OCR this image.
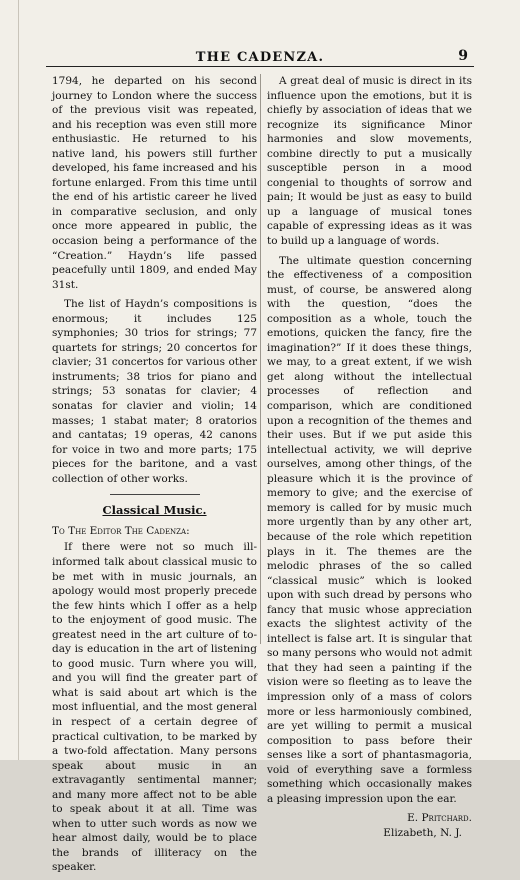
THE CADENZA.	9

1794, he departed on his second journey to London where the success of the previous visit was repeated, and his reception was even still more enthusiastic. He returned to his native land, his powers still further developed, his fame increased and his fortune enlarged. From this time until the end of his artistic career he lived in comparative seclusion, and only once more appeared in public, the occasion being a performance of the “Creation.” Haydn’s life passed peacefully until 1809, and ended May 31st.

The list of Haydn’s compositions is enormous; it includes 125 symphonies; 30 trios for strings; 77 quartets for strings; 20 concertos for clavier; 31 concertos for various other instruments; 38 trios for piano and strings; 53 sonatas for clavier; 4 sonatas for clavier and violin; 14 masses; 1 stabat mater; 8 oratorios and cantatas; 19 operas, 42 canons for voice in two and more parts; 175 pieces for the baritone, and a vast collection of other works.

Classical Music.

To The Editor The Cadenza:

If there were not so much ill-informed talk about classical music to be met with in music journals, an apology would most properly precede the few hints which I offer as a help to the enjoyment of good music. The greatest need in the art culture of to-day is education in the art of listening to good music. Turn where you will, and you will find the greater part of what is said about art which is the most influential, and the most general in respect of a certain degree of practical cultivation, to be marked by a two-fold affectation. Many persons speak about music in an extravagantly sentimental manner; and many more affect not to be able to speak about it at all. Time was when to utter such words as now we hear almost daily, would be to place the brands of illiteracy on the speaker.

A great deal of music is direct in its influence upon the emotions, but it is chiefly by association of ideas that we recognize its significance Minor harmonies and slow movements, combine directly to put a musically susceptible person in a mood congenial to thoughts of sorrow and pain; It would be just as easy to build up a language of musical tones capable of expressing ideas as it was to build up a language of words.

The ultimate question concerning the effectiveness of a composition must, of course, be answered along with the question, “does the composition as a whole, touch the emotions, quicken the fancy, fire the imagination?” If it does these things, we may, to a great extent, if we wish get along without the intellectual processes of reflection and comparison, which are conditioned upon a recognition of the themes and their uses. But if we put aside this intellectual activity, we will deprive ourselves, among other things, of the pleasure which it is the province of memory to give; and the exercise of memory is called for by music much more urgently than by any other art, because of the role which repetition plays in it. The themes are the melodic phrases of the so called “classical music” which is looked upon with such dread by persons who fancy that music whose appreciation exacts the slightest activity of the intellect is false art. It is singular that so many persons who would not admit that they had seen a painting if the vision were so fleeting as to leave the impression only of a mass of colors more or less harmoniously combined, are yet willing to permit a musical composition to pass before their senses like a sort of phantasmagoria, void of everything save a formless something which occasionally makes a pleasing impression upon the ear.

E. Pritchard.

Elizabeth, N. J.
